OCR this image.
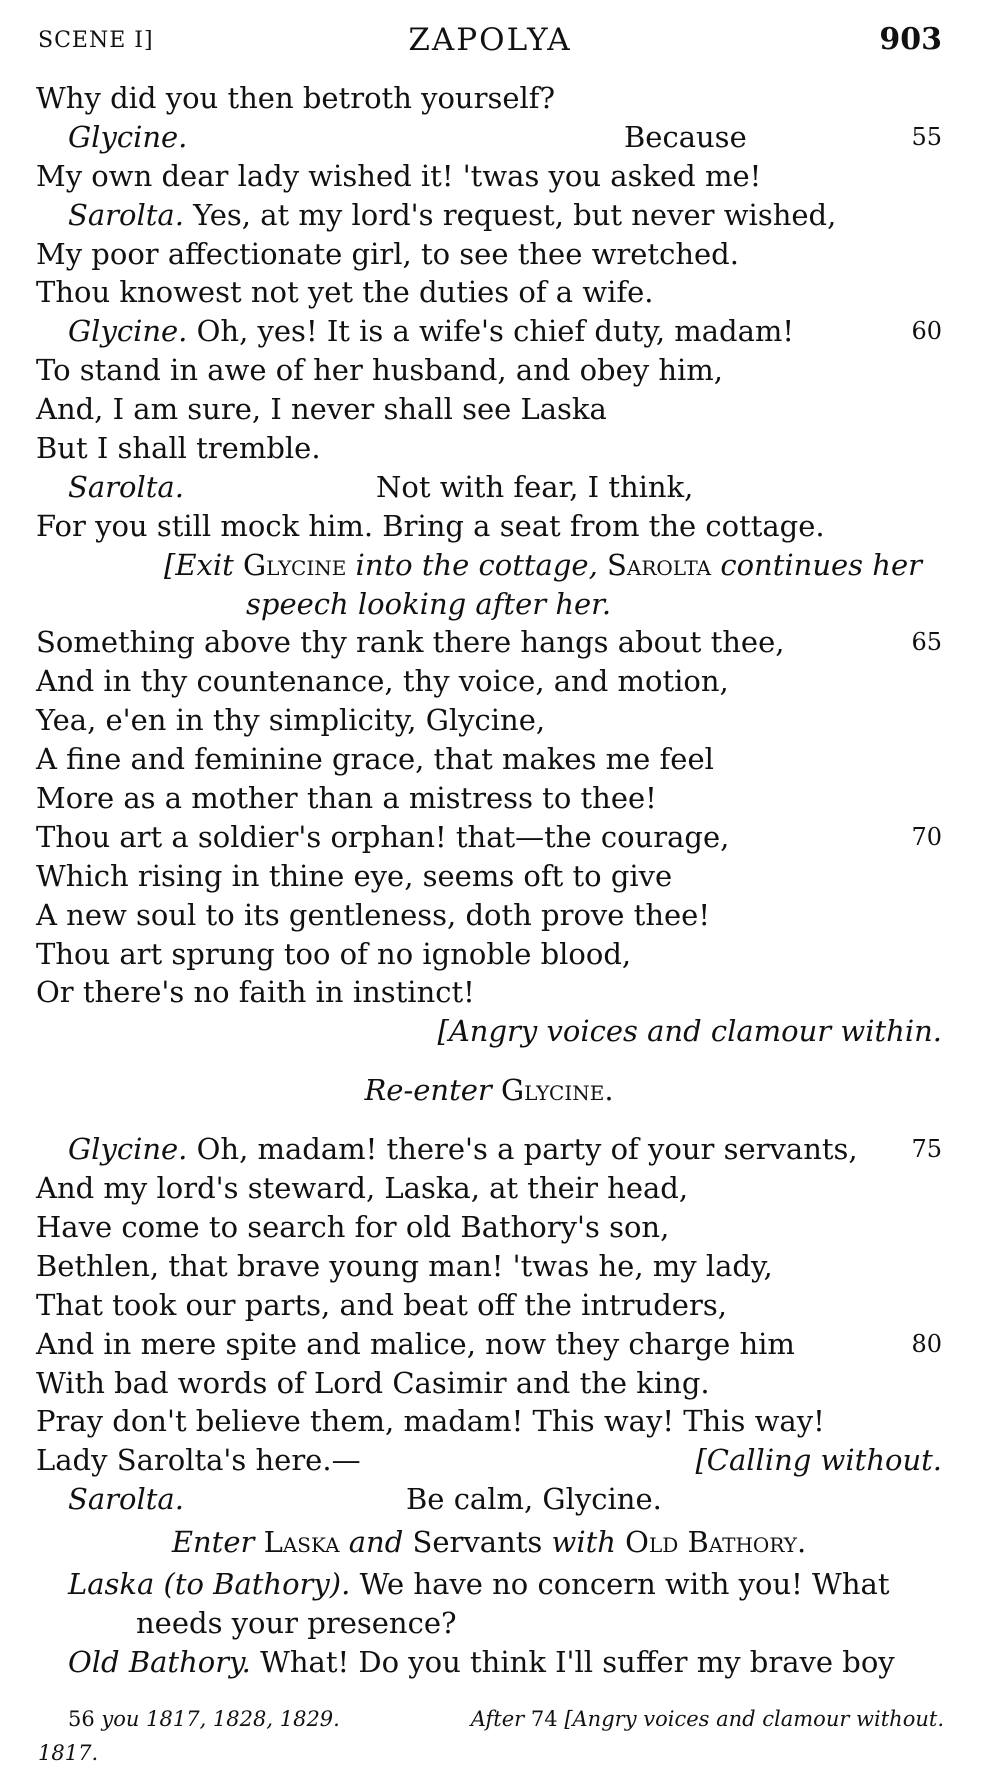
SCENE I]	ZAPOLYA	903
Why did you then betroth yourself?
Glycine.	Because	55
My own dear lady wished it! 'twas you asked me!
Sarolta. Yes, at my lord's request, but never wished,
My poor affectionate girl, to see thee wretched.
Thou knowest not yet the duties of a wife.
Glycine. Oh, yes! It is a wife's chief duty, madam!	60
To stand in awe of her husband, and obey him,
And, I am sure, I never shall see Laska
But I shall tremble.
Sarolta.	Not with fear, I think,
For you still mock him. Bring a seat from the cottage.
[Exit Glycine into the cottage, Sarolta continues her
speech looking after her.
Something above thy rank there hangs about thee,	65
And in thy countenance, thy voice, and motion,
Yea, e'en in thy simplicity, Glycine,
A fine and feminine grace, that makes me feel
More as a mother than a mistress to thee!
Thou art a soldier's orphan! that—the courage,	70
Which rising in thine eye, seems oft to give
A new soul to its gentleness, doth prove thee!
Thou art sprung too of no ignoble blood,
Or there's no faith in instinct!
[Angry voices and clamour within.
Re-enter Glycine.
Glycine. Oh, madam! there's a party of your servants, 75
And my lord's steward, Laska, at their head,
Have come to search for old Bathory's son,
Bethlen, that brave young man! 'twas he, my lady,
That took our parts, and beat off the intruders,
And in mere spite and malice, now they charge him	80
With bad words of Lord Casimir and the king.
Pray don't believe them, madam! This way! This way!
Lady Sarolta's here.—	[Calling without.
Sarolta.	Be calm, Glycine.
Enter Laska and Servants with Old Bathory.
Laska (to Bathory). We have no concern with you! What
needs your presence?
Old Bathory. What! Do you think I'll suffer my brave boy
56 you 1817, 1828, 1829.	After 74 [Angry voices and clamour without.
1817.
